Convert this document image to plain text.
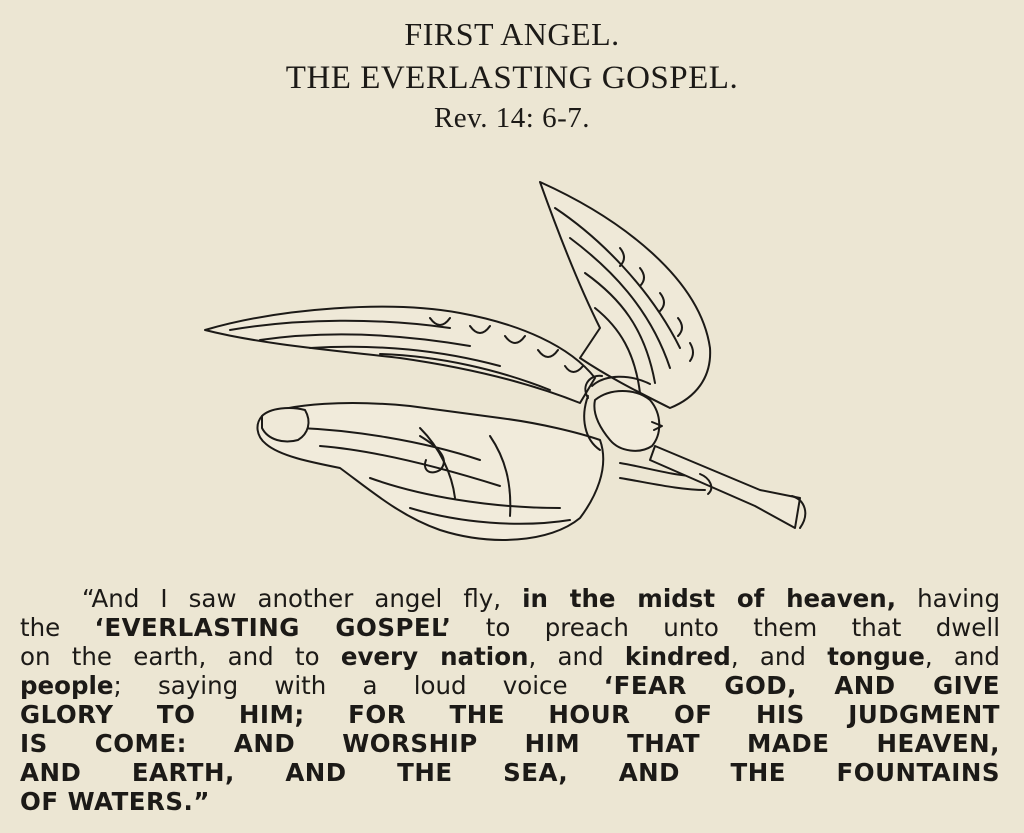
FIRST ANGEL.
THE EVERLASTING GOSPEL.
Rev. 14: 6-7.
“And I saw another angel fly, in the midst of heaven, having
the ‘EVERLASTING GOSPEL’ to preach unto them that dwell
on the earth, and to every nation, and kindred, and tongue, and
people; saying with a loud voice ‘FEAR GOD, AND GIVE
GLORY TO HIM; FOR THE HOUR OF HIS JUDGMENT
IS COME: AND WORSHIP HIM THAT MADE HEAVEN,
AND EARTH, AND THE SEA, AND THE FOUNTAINS
OF WATERS.”
